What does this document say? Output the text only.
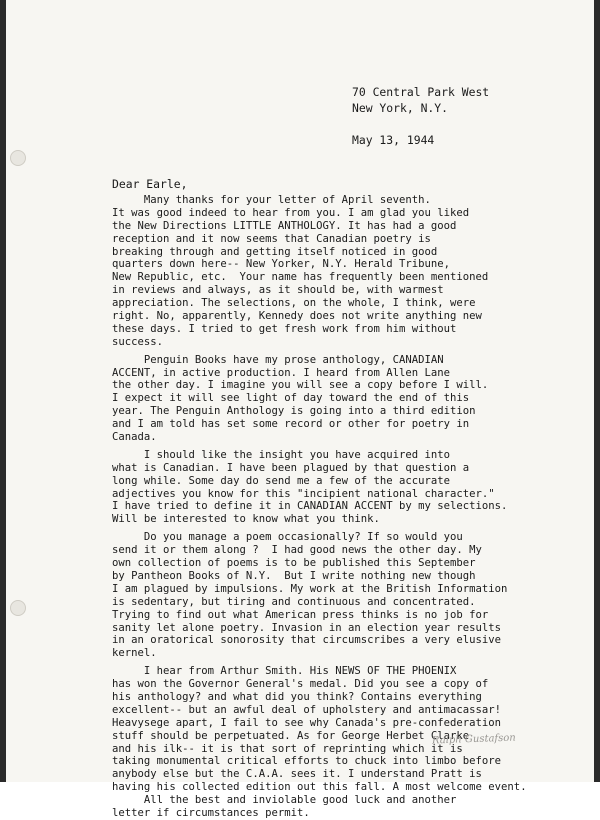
70 Central Park West
New York, N.Y.
May 13, 1944
Dear Earle,
Many thanks for your letter of April seventh.
It was good indeed to hear from you. I am glad you liked
the New Directions LITTLE ANTHOLOGY. It has had a good
reception and it now seems that Canadian poetry is
breaking through and getting itself noticed in good
quarters down here-- New Yorker, N.Y. Herald Tribune,
New Republic, etc.  Your name has frequently been mentioned
in reviews and always, as it should be, with warmest
appreciation. The selections, on the whole, I think, were
right. No, apparently, Kennedy does not write anything new
these days. I tried to get fresh work from him without
success.
Penguin Books have my prose anthology, CANADIAN
ACCENT, in active production. I heard from Allen Lane
the other day. I imagine you will see a copy before I will.
I expect it will see light of day toward the end of this
year. The Penguin Anthology is going into a third edition
and I am told has set some record or other for poetry in
Canada.
I should like the insight you have acquired into
what is Canadian. I have been plagued by that question a
long while. Some day do send me a few of the accurate
adjectives you know for this "incipient national character."
I have tried to define it in CANADIAN ACCENT by my selections.
Will be interested to know what you think.
Do you manage a poem occasionally? If so would you
send it or them along ?  I had good news the other day. My
own collection of poems is to be published this September
by Pantheon Books of N.Y.  But I write nothing new though
I am plagued by impulsions. My work at the British Information
is sedentary, but tiring and continuous and concentrated.
Trying to find out what American press thinks is no job for
sanity let alone poetry. Invasion in an election year results
in an oratorical sonorosity that circumscribes a very elusive
kernel.
I hear from Arthur Smith. His NEWS OF THE PHOENIX
has won the Governor General's medal. Did you see a copy of
his anthology? and what did you think? Contains everything
excellent-- but an awful deal of upholstery and antimacassar!
Heavysege apart, I fail to see why Canada's pre-confederation
stuff should be perpetuated. As for George Herbet Clarke
and his ilk-- it is that sort of reprinting which it is
taking monumental critical efforts to chuck into limbo before
anybody else but the C.A.A. sees it. I understand Pratt is
having his collected edition out this fall. A most welcome event.
All the best and inviolable good luck and another
letter if circumstances permit.
Ralph Gustafson
